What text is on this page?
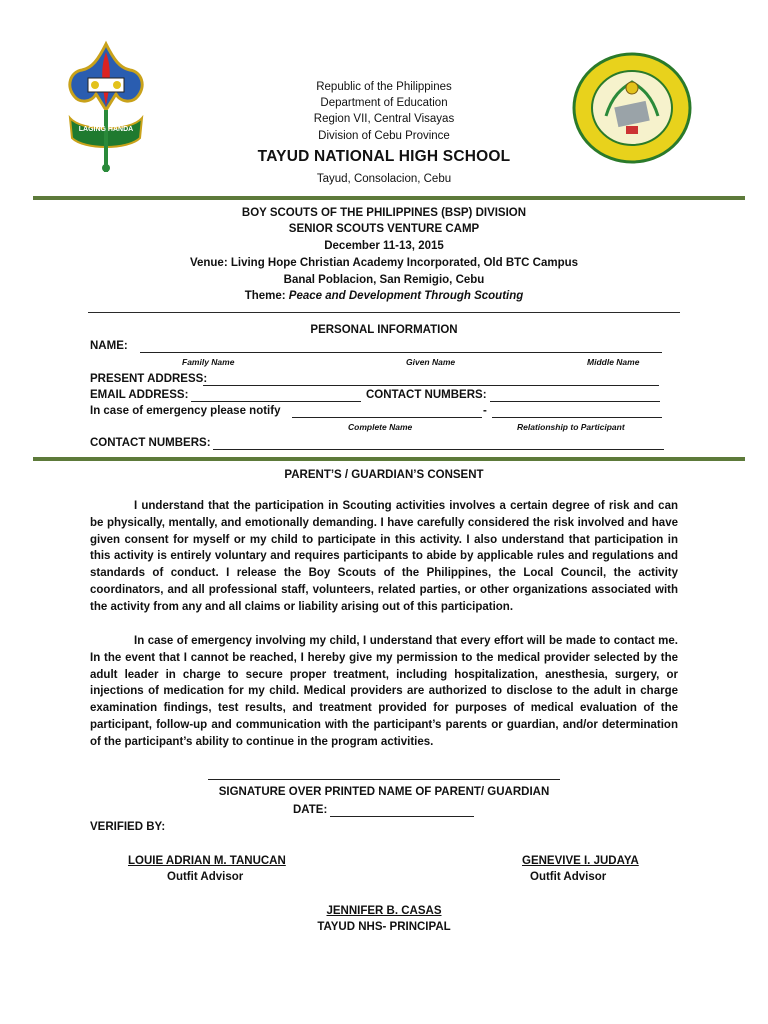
LAGING HANDA
TAYUD NATIONAL HIGH SCHOOL · Tayud, Consolacion, Cebu
Republic of the Philippines
Department of Education
Region VII, Central Visayas
Division of Cebu Province
TAYUD NATIONAL HIGH SCHOOL
Tayud, Consolacion, Cebu
BOY SCOUTS OF THE PHILIPPINES (BSP) DIVISION
SENIOR SCOUTS VENTURE CAMP
December 11-13, 2015
Venue: Living Hope Christian Academy Incorporated, Old BTC Campus
Banal Poblacion, San Remigio, Cebu
Theme: Peace and Development Through Scouting
PERSONAL INFORMATION
NAME:
Family Name	Given Name	Middle Name
PRESENT ADDRESS:
EMAIL ADDRESS:	CONTACT NUMBERS:
In case of emergency please notify	-
Complete Name	Relationship to Participant
CONTACT NUMBERS:
PARENT’S / GUARDIAN’S CONSENT
I understand that the participation in Scouting activities involves a certain degree of risk and can be physically, mentally, and emotionally demanding. I have carefully considered the risk involved and have given consent for myself or my child to participate in this activity. I also understand that participation in this activity is entirely voluntary and requires participants to abide by applicable rules and regulations and standards of conduct. I release the Boy Scouts of the Philippines, the Local Council, the activity coordinators, and all professional staff, volunteers, related parties, or other organizations associated with the activity from any and all claims or liability arising out of this participation.
In case of emergency involving my child, I understand that every effort will be made to contact me. In the event that I cannot be reached, I hereby give my permission to the medical provider selected by the adult leader in charge to secure proper treatment, including hospitalization, anesthesia, surgery, or injections of medication for my child. Medical providers are authorized to disclose to the adult in charge examination findings, test results, and treatment provided for purposes of medical evaluation of the participant, follow-up and communication with the participant’s parents or guardian, and/or determination of the participant’s ability to continue in the program activities.
SIGNATURE OVER PRINTED NAME OF PARENT/ GUARDIAN
DATE:
VERIFIED BY:
LOUIE ADRIAN M. TANUCAN
Outfit Advisor
GENEVIVE I. JUDAYA
Outfit Advisor
JENNIFER B. CASAS
TAYUD NHS- PRINCIPAL
